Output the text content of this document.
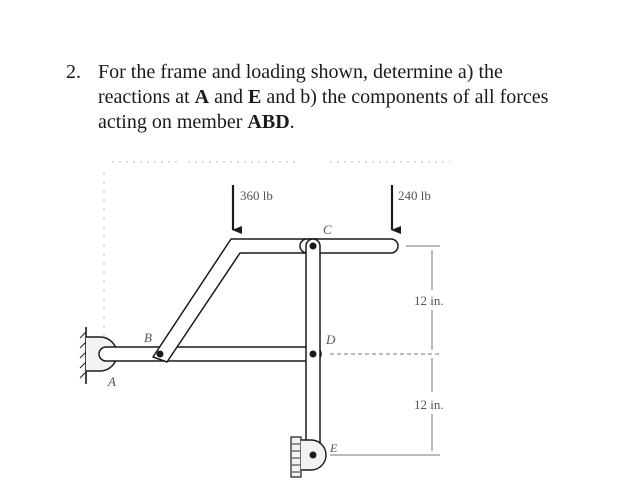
2. For the frame and loading shown, determine a) the reactions at A and E and b) the components of all forces acting on member ABD.
360 lb	240 lb
12 in.
12 in.
A
B
C
D
E
